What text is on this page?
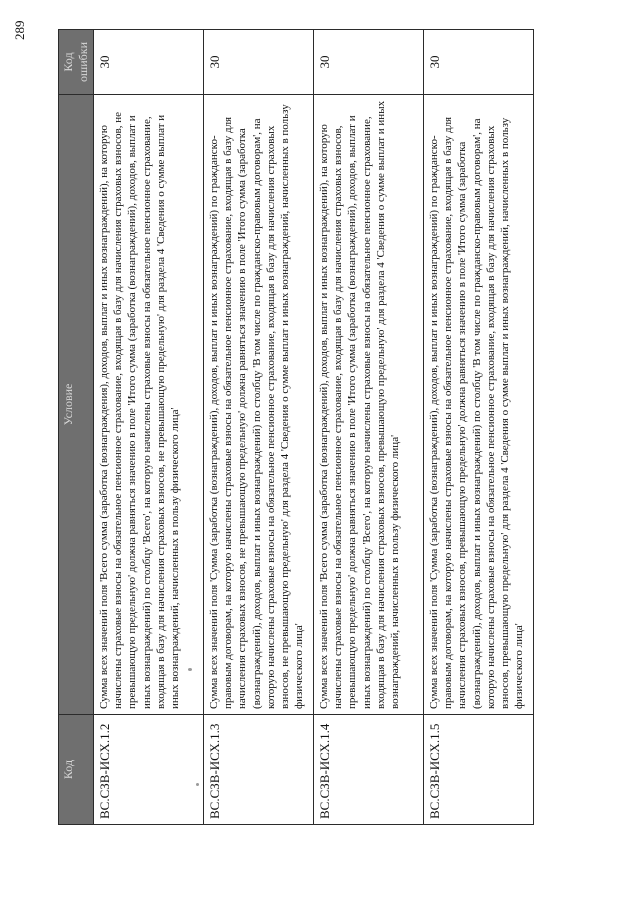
289
Код	Условие	Код ошибки
ВС.СЗВ-ИСХ.1.2	Сумма всех значений поля 'Всего сумма (заработка (вознаграждения), доходов, выплат и иных вознаграждений), на которую начислены страховые взносы на обязательное пенсионное страхование, входящая в базу для начисления страховых взносов, не превышающую предельную' должна равняться значению в поле 'Итого сумма (заработка (вознаграждений), доходов, выплат и иных вознаграждений) по столбцу 'Всего', на которую начислены страховые взносы на обязательное пенсионное страхование, входящая в базу для начисления страховых взносов, не превышающую предельную' для раздела 4 'Сведения о сумме выплат и иных вознаграждений, начисленных в пользу физического лица'	30
ВС.СЗВ-ИСХ.1.3	Сумма всех значений поля 'Сумма (заработка (вознаграждений), доходов, выплат и иных вознаграждений) по гражданско-правовым договорам, на которую начислены страховые взносы на обязательное пенсионное страхование, входящая в базу для начисления страховых взносов, не превышающую предельную' должна равняться значению в поле 'Итого сумма (заработка (вознаграждений), доходов, выплат и иных вознаграждений) по столбцу 'В том числе по гражданско-правовым договорам', на которую начислены страховые взносы на обязательное пенсионное страхование, входящая в базу для начисления страховых взносов, не превышающую предельную' для раздела 4 'Сведения о сумме выплат и иных вознаграждений, начисленных в пользу физического лица'	30
ВС.СЗВ-ИСХ.1.4	Сумма всех значений поля 'Всего сумма (заработка (вознаграждений), доходов, выплат и иных вознаграждений), на которую начислены страховые взносы на обязательное пенсионное страхование, входящая в базу для начисления страховых взносов, превышающую предельную' должна равняться значению в поле 'Итого сумма (заработка (вознаграждений), доходов, выплат и иных вознаграждений) по столбцу 'Всего', на которую начислены страховые взносы на обязательное пенсионное страхование, входящая в базу для начисления страховых взносов, превышающую предельную' для раздела 4 'Сведения о сумме выплат и иных вознаграждений, начисленных в пользу физического лица'	30
ВС.СЗВ-ИСХ.1.5	Сумма всех значений поля 'Сумма (заработка (вознаграждений), доходов, выплат и иных вознаграждений) по гражданско-правовым договорам, на которую начислены страховые взносы на обязательное пенсионное страхование, входящая в базу для начисления страховых взносов, превышающую предельную' должна равняться значению в поле 'Итого сумма (заработка (вознаграждений), доходов, выплат и иных вознаграждений) по столбцу 'В том числе по гражданско-правовым договорам', на которую начислены страховые взносы на обязательное пенсионное страхование, входящая в базу для начисления страховых взносов, превышающую предельную' для раздела 4 'Сведения о сумме выплат и иных вознаграждений, начисленных в пользу физического лица'	30
